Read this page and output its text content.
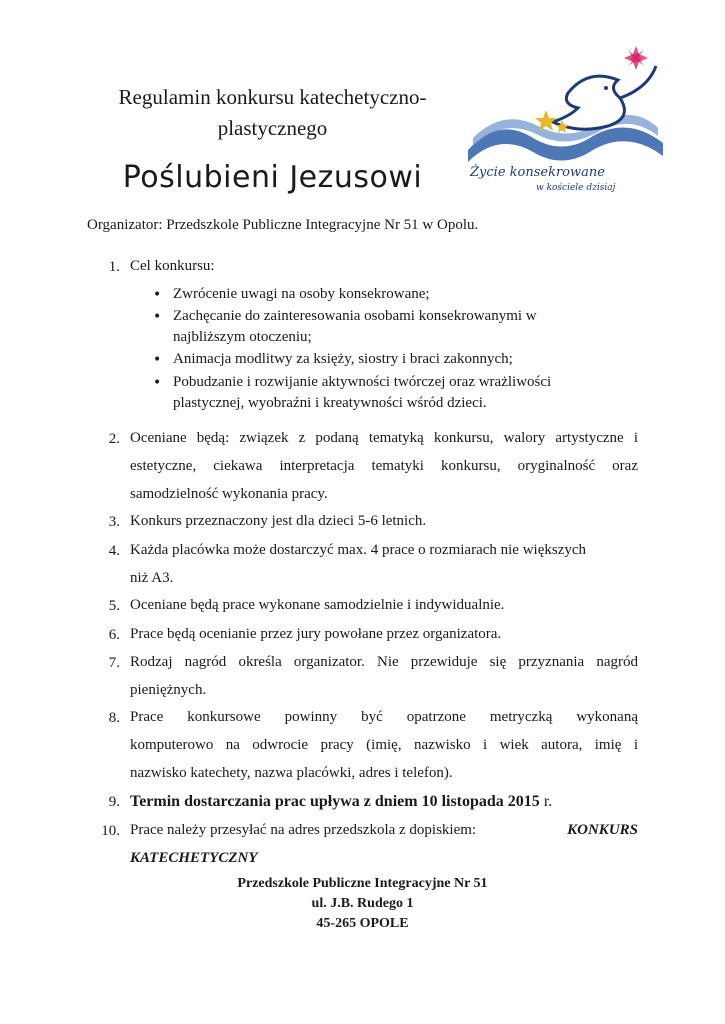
Regulamin konkursu katechetyczno-
plastycznego
Poślubieni Jezusowi	Życie konsekrowane
w kościele dzisiaj
Organizator: Przedszkole Publiczne Integracyjne Nr 51 w Opolu.
1. Cel konkursu:
• Zwrócenie uwagi na osoby konsekrowane;
• Zachęcanie do zainteresowania osobami konsekrowanymi w
najbliższym otoczeniu;
• Animacja modlitwy za księży, siostry i braci zakonnych;
• Pobudzanie i rozwijanie aktywności twórczej oraz wrażliwości
plastycznej, wyobraźni i kreatywności wśród dzieci.
2. Oceniane będą: związek z podaną tematyką konkursu, walory artystyczne i
estetyczne, ciekawa interpretacja tematyki konkursu, oryginalność oraz
samodzielność wykonania pracy.
3. Konkurs przeznaczony jest dla dzieci 5-6 letnich.
4. Każda placówka może dostarczyć max. 4 prace o rozmiarach nie większych
niż A3.
5. Oceniane będą prace wykonane samodzielnie i indywidualnie.
6. Prace będą ocenianie przez jury powołane przez organizatora.
7. Rodzaj nagród określa organizator. Nie przewiduje się przyznania nagród
pieniężnych.
8. Prace konkursowe powinny być opatrzone metryczką wykonaną
komputerowo na odwrocie pracy (imię, nazwisko i wiek autora, imię i
nazwisko katechety, nazwa placówki, adres i telefon).
9. Termin dostarczania prac upływa z dniem 10 listopada 2015 r.
10. Prace należy przesyłać na adres przedszkola z dopiskiem:	KONKURS
KATECHETYCZNY
Przedszkole Publiczne Integracyjne Nr 51
ul. J.B. Rudego 1
45-265 OPOLE
